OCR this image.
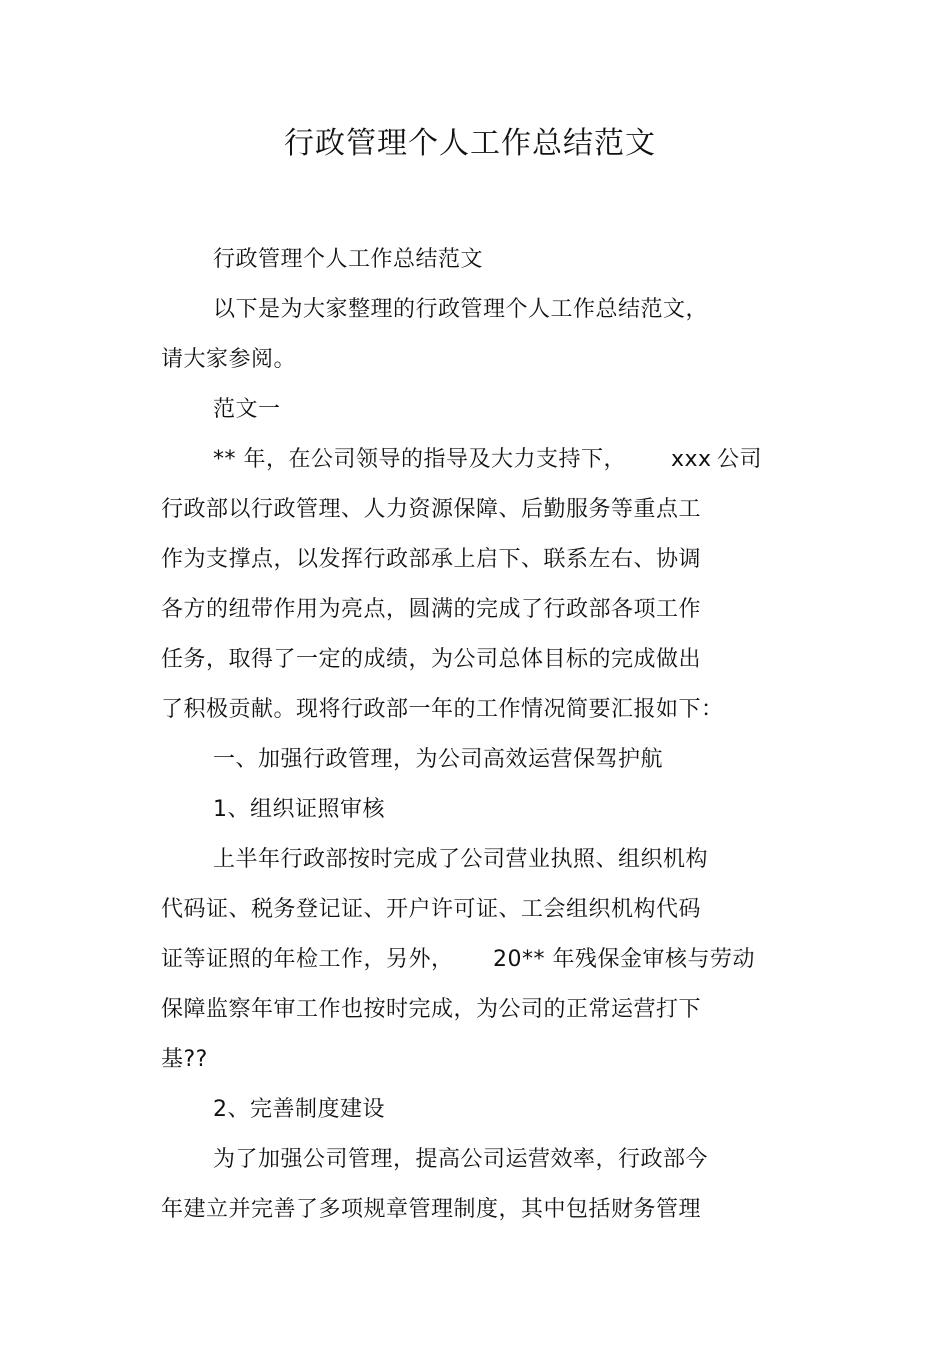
行政管理个人工作总结范文
行政管理个人工作总结范文
以下是为大家整理的行政管理个人工作总结范文，
请大家参阅。
范文一
** 年，在公司领导的指导及大力支持下， xxx 公司
行政部以行政管理、人力资源保障、后勤服务等重点工
作为支撑点，以发挥行政部承上启下、联系左右、协调
各方的纽带作用为亮点，圆满的完成了行政部各项工作
任务，取得了一定的成绩，为公司总体目标的完成做出
了积极贡献。现将行政部一年的工作情况简要汇报如下：
一、加强行政管理，为公司高效运营保驾护航
1、组织证照审核
上半年行政部按时完成了公司营业执照、组织机构
代码证、税务登记证、开户许可证、工会组织机构代码
证等证照的年检工作，另外， 20** 年残保金审核与劳动
保障监察年审工作也按时完成，为公司的正常运营打下
基??
2、完善制度建设
为了加强公司管理，提高公司运营效率，行政部今
年建立并完善了多项规章管理制度，其中包括财务管理
